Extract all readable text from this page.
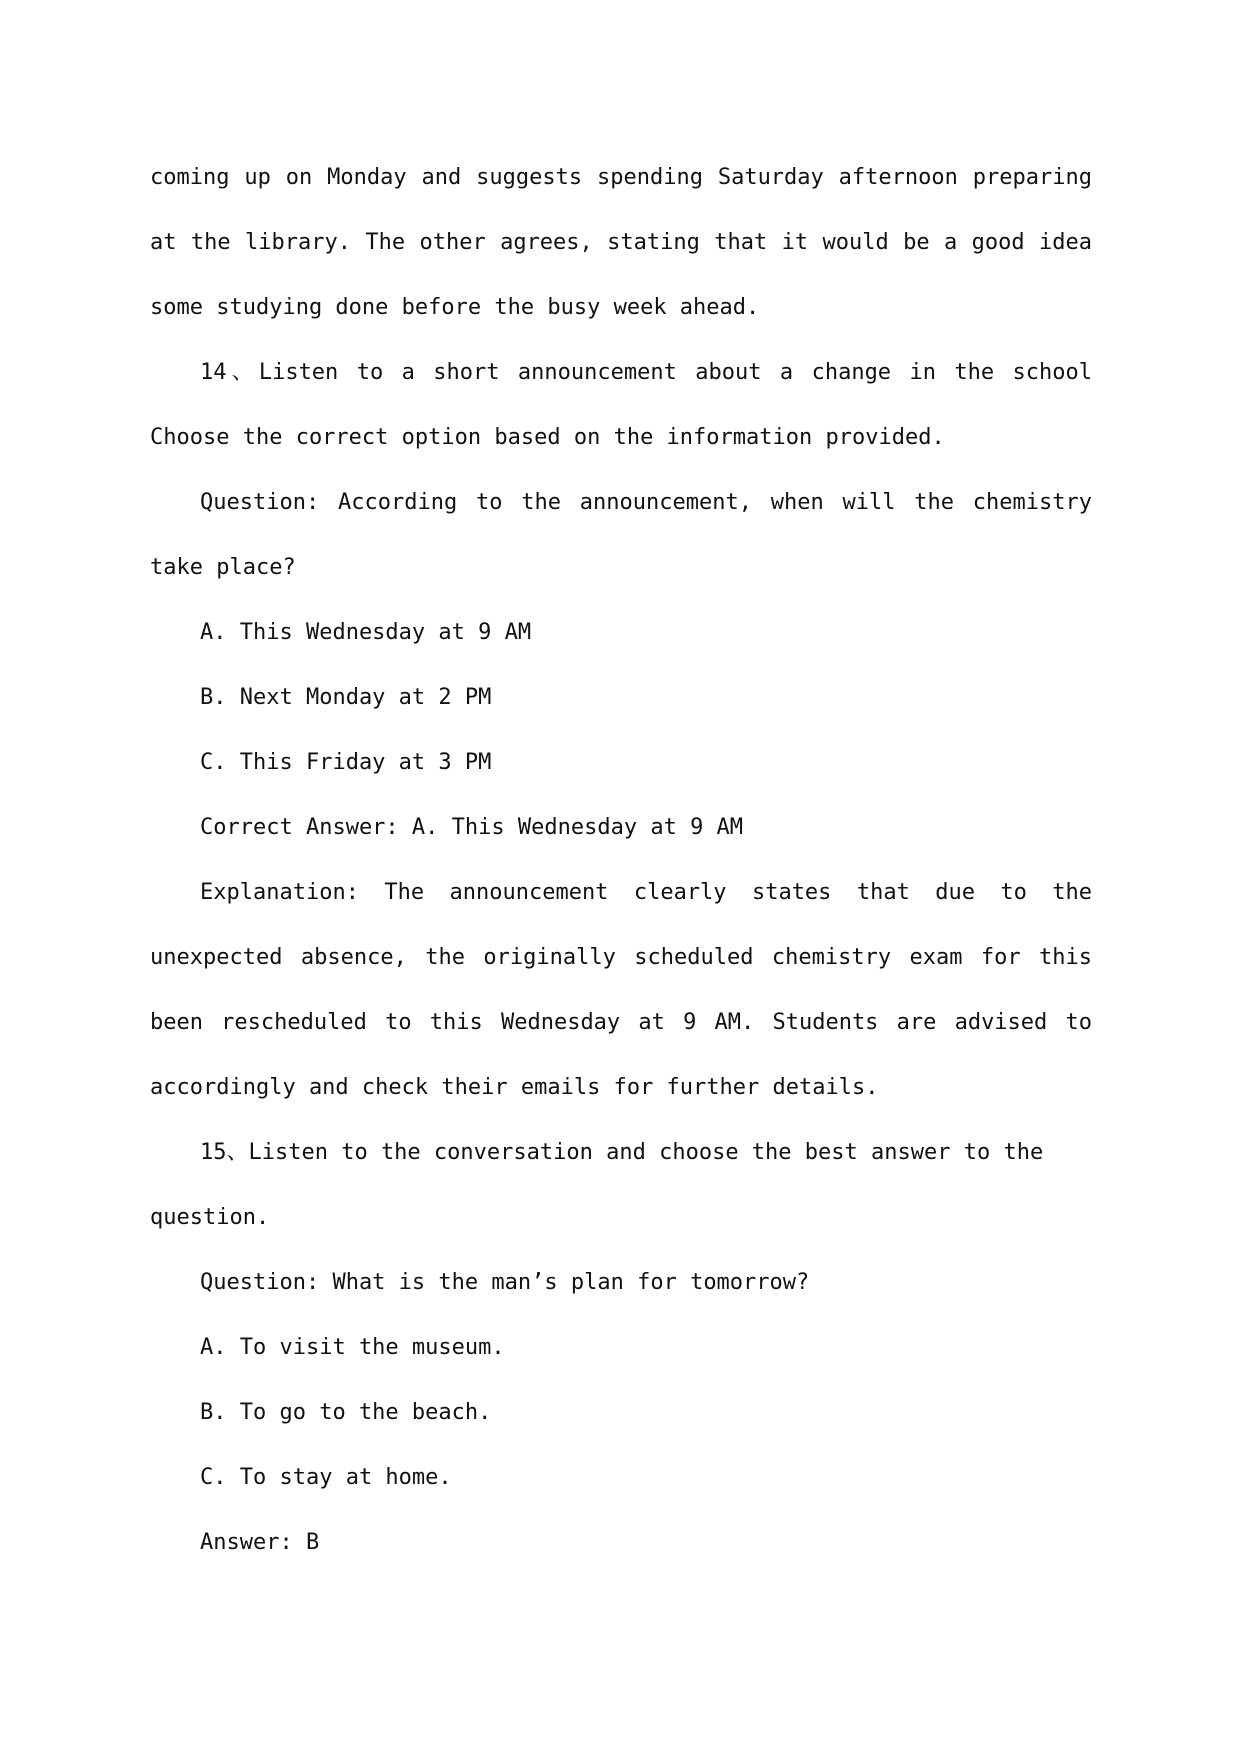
coming up on Monday and suggests spending Saturday afternoon preparing
at the library. The other agrees, stating that it would be a good idea
some studying done before the busy week ahead.
14、Listen to a short announcement about a change in the school
Choose the correct option based on the information provided.
Question: According to the announcement, when will the chemistry
take place?
A. This Wednesday at 9 AM
B. Next Monday at 2 PM
C. This Friday at 3 PM
Correct Answer: A. This Wednesday at 9 AM
Explanation: The announcement clearly states that due to the
unexpected absence, the originally scheduled chemistry exam for this
been rescheduled to this Wednesday at 9 AM. Students are advised to
accordingly and check their emails for further details.
15、Listen to the conversation and choose the best answer to the
question.
Question: What is the man’s plan for tomorrow?
A. To visit the museum.
B. To go to the beach.
C. To stay at home.
Answer: B
